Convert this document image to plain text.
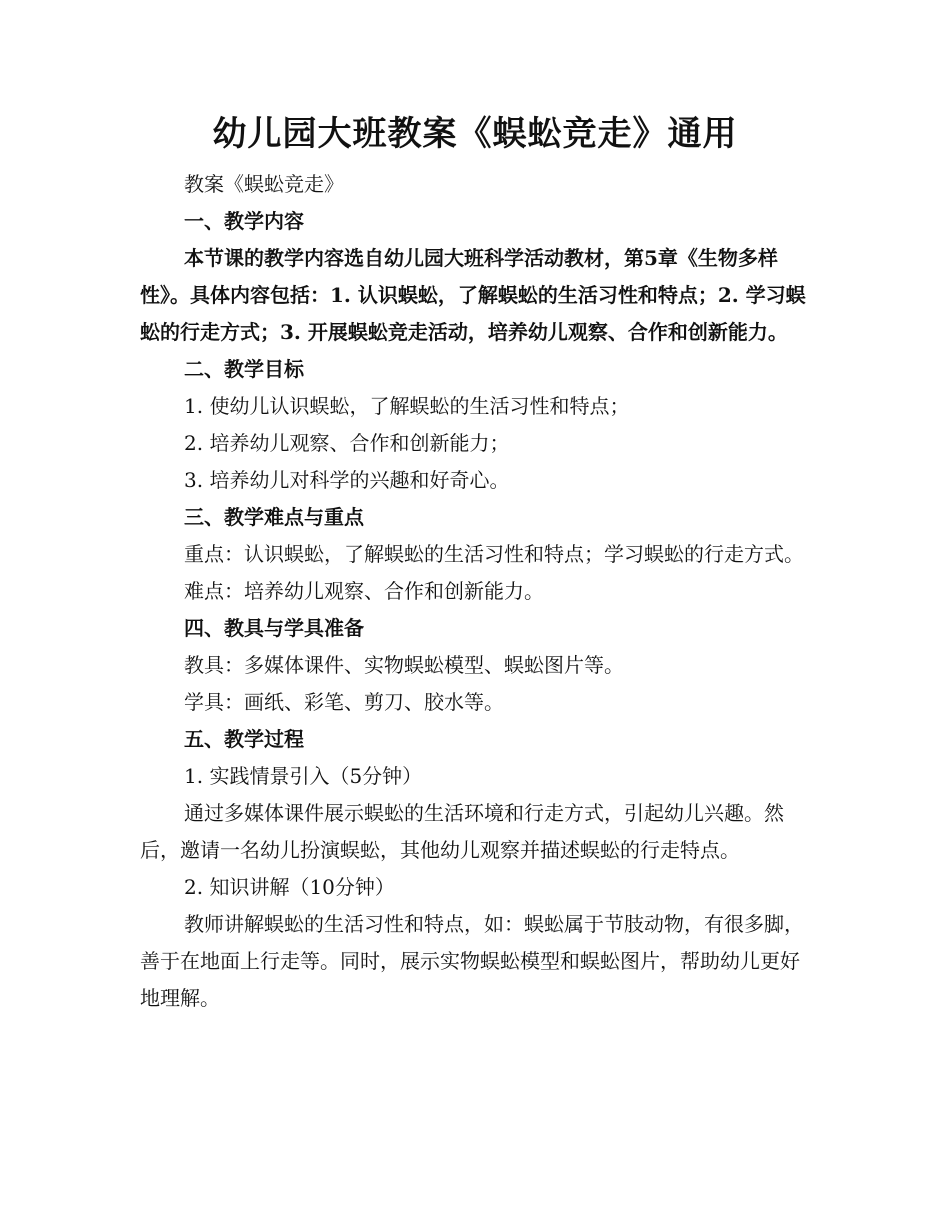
幼儿园大班教案《蜈蚣竞走》通用

教案《蜈蚣竞走》

一、教学内容

本节课的教学内容选自幼儿园大班科学活动教材，第5章《生物多样性》。具体内容包括：1. 认识蜈蚣，了解蜈蚣的生活习性和特点；2. 学习蜈蚣的行走方式；3. 开展蜈蚣竞走活动，培养幼儿观察、合作和创新能力。

二、教学目标

1. 使幼儿认识蜈蚣，了解蜈蚣的生活习性和特点；

2. 培养幼儿观察、合作和创新能力；

3. 培养幼儿对科学的兴趣和好奇心。

三、教学难点与重点

重点：认识蜈蚣，了解蜈蚣的生活习性和特点；学习蜈蚣的行走方式。

难点：培养幼儿观察、合作和创新能力。

四、教具与学具准备

教具：多媒体课件、实物蜈蚣模型、蜈蚣图片等。

学具：画纸、彩笔、剪刀、胶水等。

五、教学过程

1. 实践情景引入（5分钟）

通过多媒体课件展示蜈蚣的生活环境和行走方式，引起幼儿兴趣。然后，邀请一名幼儿扮演蜈蚣，其他幼儿观察并描述蜈蚣的行走特点。

2. 知识讲解（10分钟）

教师讲解蜈蚣的生活习性和特点，如：蜈蚣属于节肢动物，有很多脚，善于在地面上行走等。同时，展示实物蜈蚣模型和蜈蚣图片，帮助幼儿更好地理解。
